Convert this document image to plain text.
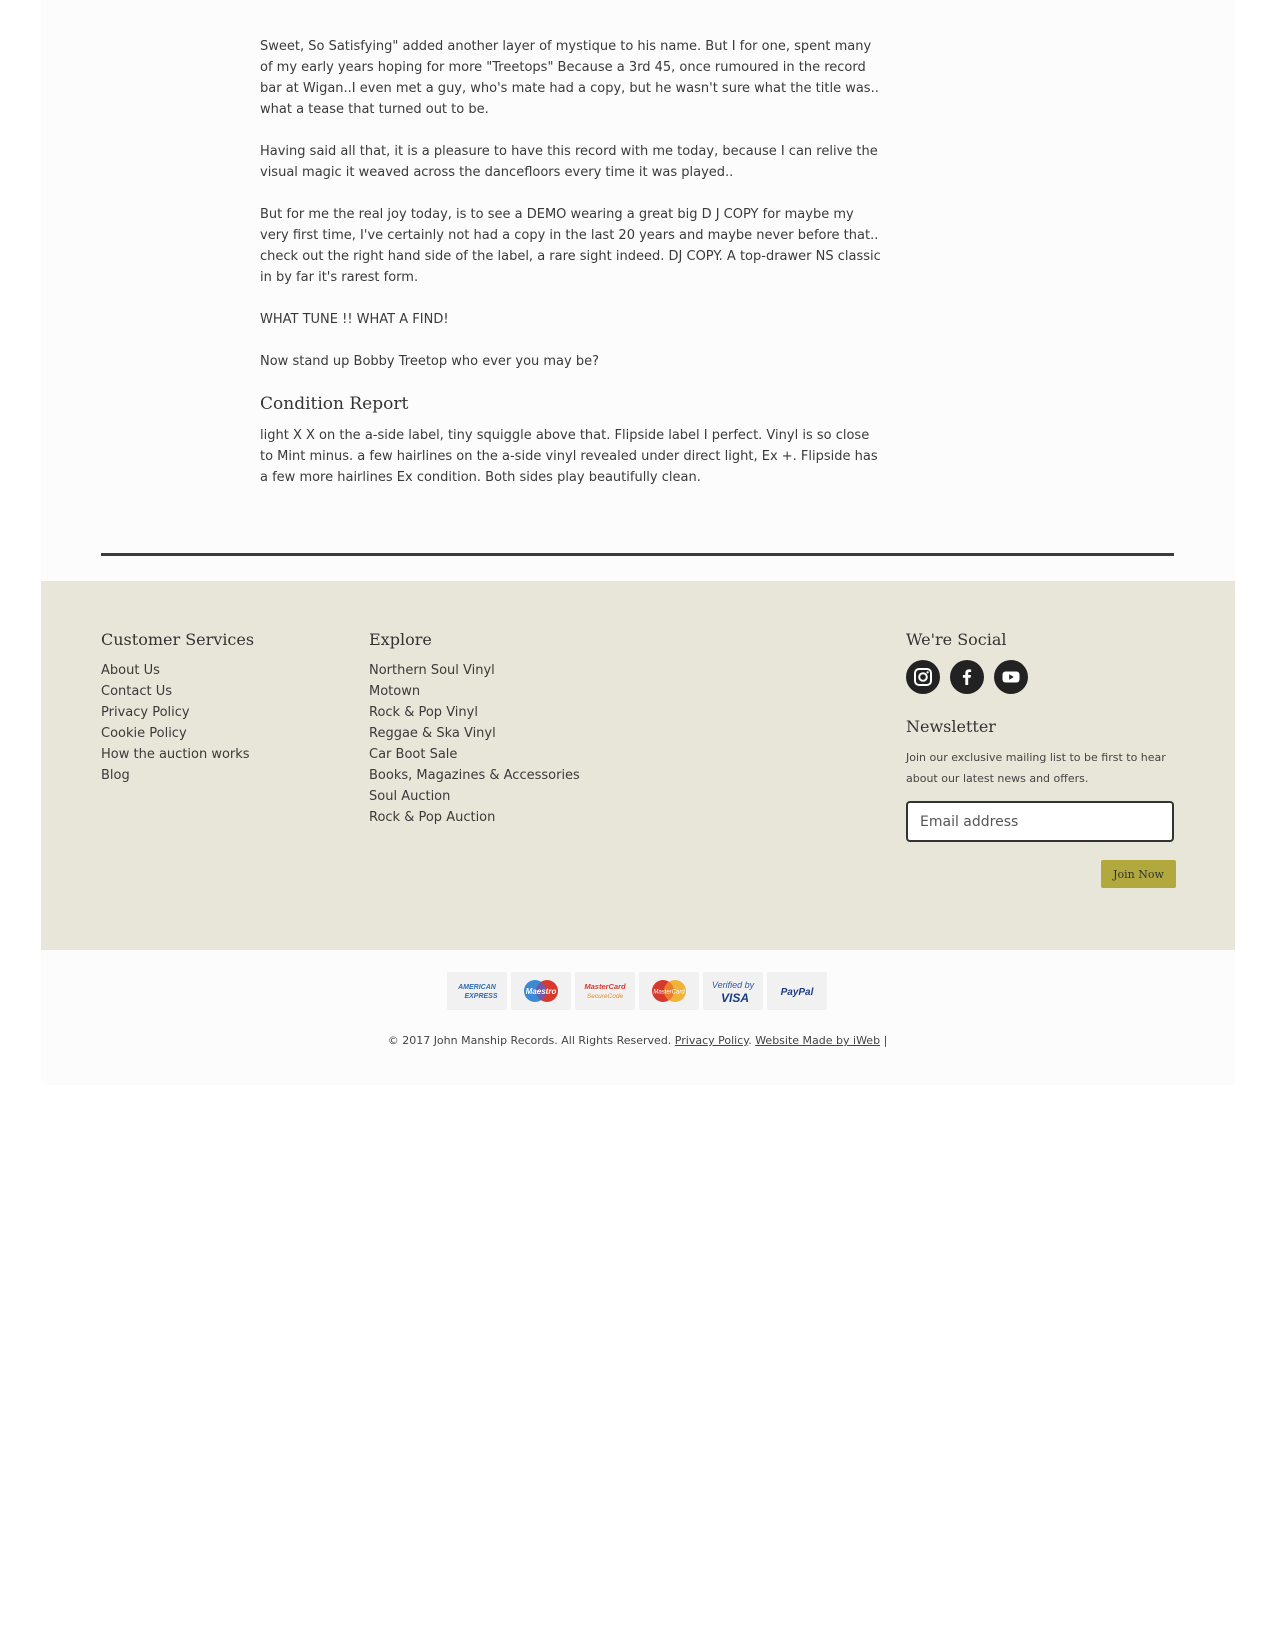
Sweet, So Satisfying" added another layer of mystique to his name. But I for one, spent many of my early years hoping for more "Treetops" Because a 3rd 45, once rumoured in the record bar at Wigan..I even met a guy, who's mate had a copy, but he wasn't sure what the title was.. what a tease that turned out to be.

Having said all that, it is a pleasure to have this record with me today, because I can relive the visual magic it weaved across the dancefloors every time it was played..

But for me the real joy today, is to see a DEMO wearing a great big D J COPY for maybe my very first time, I've certainly not had a copy in the last 20 years and maybe never before that.. check out the right hand side of the label, a rare sight indeed. DJ COPY. A top-drawer NS classic in by far it's rarest form.

WHAT TUNE !! WHAT A FIND!

Now stand up Bobby Treetop who ever you may be?

Condition Report

light X X on the a-side label, tiny squiggle above that. Flipside label I perfect. Vinyl is so close to Mint minus. a few hairlines on the a-side vinyl revealed under direct light, Ex +. Flipside has a few more hairlines Ex condition. Both sides play beautifully clean.

Customer Services
About Us
Contact Us
Privacy Policy
Cookie Policy
How the auction works
Blog
Explore
Northern Soul Vinyl
Motown
Rock & Pop Vinyl
Reggae & Ska Vinyl
Car Boot Sale
Books, Magazines & Accessories
Soul Auction
Rock & Pop Auction
We're Social
Newsletter

Join our exclusive mailing list to be first to hear about our latest news and offers.

Email address
Join Now
AMERICAN
EXPRESS
Maestro
MasterCard
SecureCode
MasterCard
Verified by
VISA	PayPal
© 2017 John Manship Records. All Rights Reserved. Privacy Policy. Website Made by iWeb |
